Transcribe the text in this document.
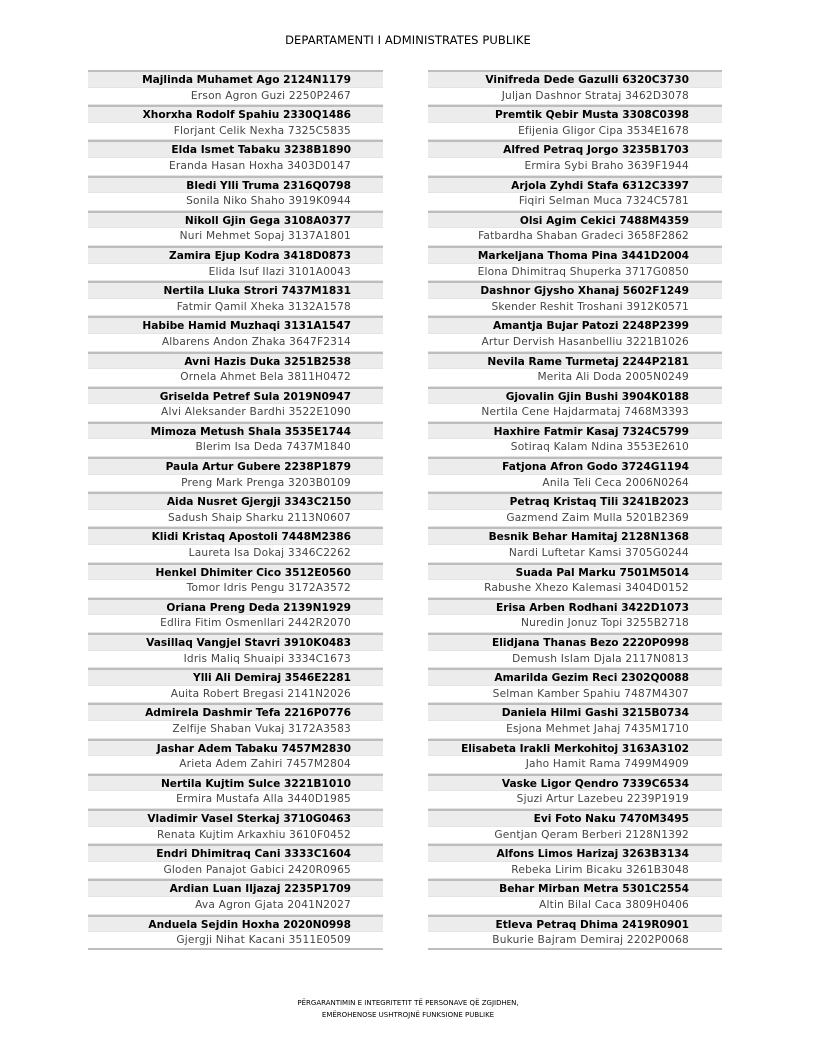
DEPARTAMENTI I ADMINISTRATES PUBLIKE
Majlinda Muhamet Ago 2124N1179
Erson Agron Guzi 2250P2467
Xhorxha Rodolf Spahiu 2330Q1486
Florjant Celik Nexha 7325C5835
Elda Ismet Tabaku 3238B1890
Eranda Hasan Hoxha 3403D0147
Bledi Ylli Truma 2316Q0798
Sonila Niko Shaho 3919K0944
Nikoll Gjin Gega 3108A0377
Nuri Mehmet Sopaj 3137A1801
Zamira Ejup Kodra 3418D0873
Elida Isuf Ilazi 3101A0043
Nertila Lluka Strori 7437M1831
Fatmir Qamil Xheka 3132A1578
Habibe Hamid Muzhaqi 3131A1547
Albarens Andon Zhaka 3647F2314
Avni Hazis Duka 3251B2538
Ornela Ahmet Bela 3811H0472
Griselda Petref Sula 2019N0947
Alvi Aleksander Bardhi 3522E1090
Mimoza Metush Shala 3535E1744
Blerim Isa Deda 7437M1840
Paula Artur Gubere 2238P1879
Preng Mark Prenga 3203B0109
Aida Nusret Gjergji 3343C2150
Sadush Shaip Sharku 2113N0607
Klidi Kristaq Apostoli 7448M2386
Laureta Isa Dokaj 3346C2262
Henkel Dhimiter Cico 3512E0560
Tomor Idris Pengu 3172A3572
Oriana Preng Deda 2139N1929
Edlira Fitim Osmenllari 2442R2070
Vasillaq Vangjel Stavri 3910K0483
Idris Maliq Shuaipi 3334C1673
Ylli Ali Demiraj 3546E2281
Auita Robert Bregasi 2141N2026
Admirela Dashmir Tefa 2216P0776
Zelfije Shaban Vukaj 3172A3583
Jashar Adem Tabaku 7457M2830
Arieta Adem Zahiri 7457M2804
Nertila Kujtim Sulce 3221B1010
Ermira Mustafa Alla 3440D1985
Vladimir Vasel Sterkaj 3710G0463
Renata Kujtim Arkaxhiu 3610F0452
Endri Dhimitraq Cani 3333C1604
Gloden Panajot Gabici 2420R0965
Ardian Luan Iljazaj 2235P1709
Ava Agron Gjata 2041N2027
Anduela Sejdin Hoxha 2020N0998
Gjergji Nihat Kacani 3511E0509
Vinifreda Dede Gazulli 6320C3730
Juljan Dashnor Strataj 3462D3078
Premtik Qebir Musta 3308C0398
Efijenia Gligor Cipa 3534E1678
Alfred Petraq Jorgo 3235B1703
Ermira Sybi Braho 3639F1944
Arjola Zyhdi Stafa 6312C3397
Fiqiri Selman Muca 7324C5781
Olsi Agim Cekici 7488M4359
Fatbardha Shaban Gradeci 3658F2862
Markeljana Thoma Pina 3441D2004
Elona Dhimitraq Shuperka 3717G0850
Dashnor Gjysho Xhanaj 5602F1249
Skender Reshit Troshani 3912K0571
Amantja Bujar Patozi 2248P2399
Artur Dervish Hasanbelliu 3221B1026
Nevila Rame Turmetaj 2244P2181
Merita Ali Doda 2005N0249
Gjovalin Gjin Bushi 3904K0188
Nertila Cene Hajdarmataj 7468M3393
Haxhire Fatmir Kasaj 7324C5799
Sotiraq Kalam Ndina 3553E2610
Fatjona Afron Godo 3724G1194
Anila Teli Ceca 2006N0264
Petraq Kristaq Tili 3241B2023
Gazmend Zaim Mulla 5201B2369
Besnik Behar Hamitaj 2128N1368
Nardi Luftetar Kamsi 3705G0244
Suada Pal Marku 7501M5014
Rabushe Xhezo Kalemasi 3404D0152
Erisa Arben Rodhani 3422D1073
Nuredin Jonuz Topi 3255B2718
Elidjana Thanas Bezo 2220P0998
Demush Islam Djala 2117N0813
Amarilda Gezim Reci 2302Q0088
Selman Kamber Spahiu 7487M4307
Daniela Hilmi Gashi 3215B0734
Esjona Mehmet Jahaj 7435M1710
Elisabeta Irakli Merkohitoj 3163A3102
Jaho Hamit Rama 7499M4909
Vaske Ligor Qendro 7339C6534
Sjuzi Artur Lazebeu 2239P1919
Evi Foto Naku 7470M3495
Gentjan Qeram Berberi 2128N1392
Alfons Limos Harizaj 3263B3134
Rebeka Lirim Bicaku 3261B3048
Behar Mirban Metra 5301C2554
Altin Bilal Caca 3809H0406
Etleva Petraq Dhima 2419R0901
Bukurie Bajram Demiraj 2202P0068
PËRGARANTIMIN E INTEGRITETIT TË PERSONAVE QË ZGJIDHEN,
EMËROHENOSE USHTROJNË FUNKSIONE PUBLIKE
